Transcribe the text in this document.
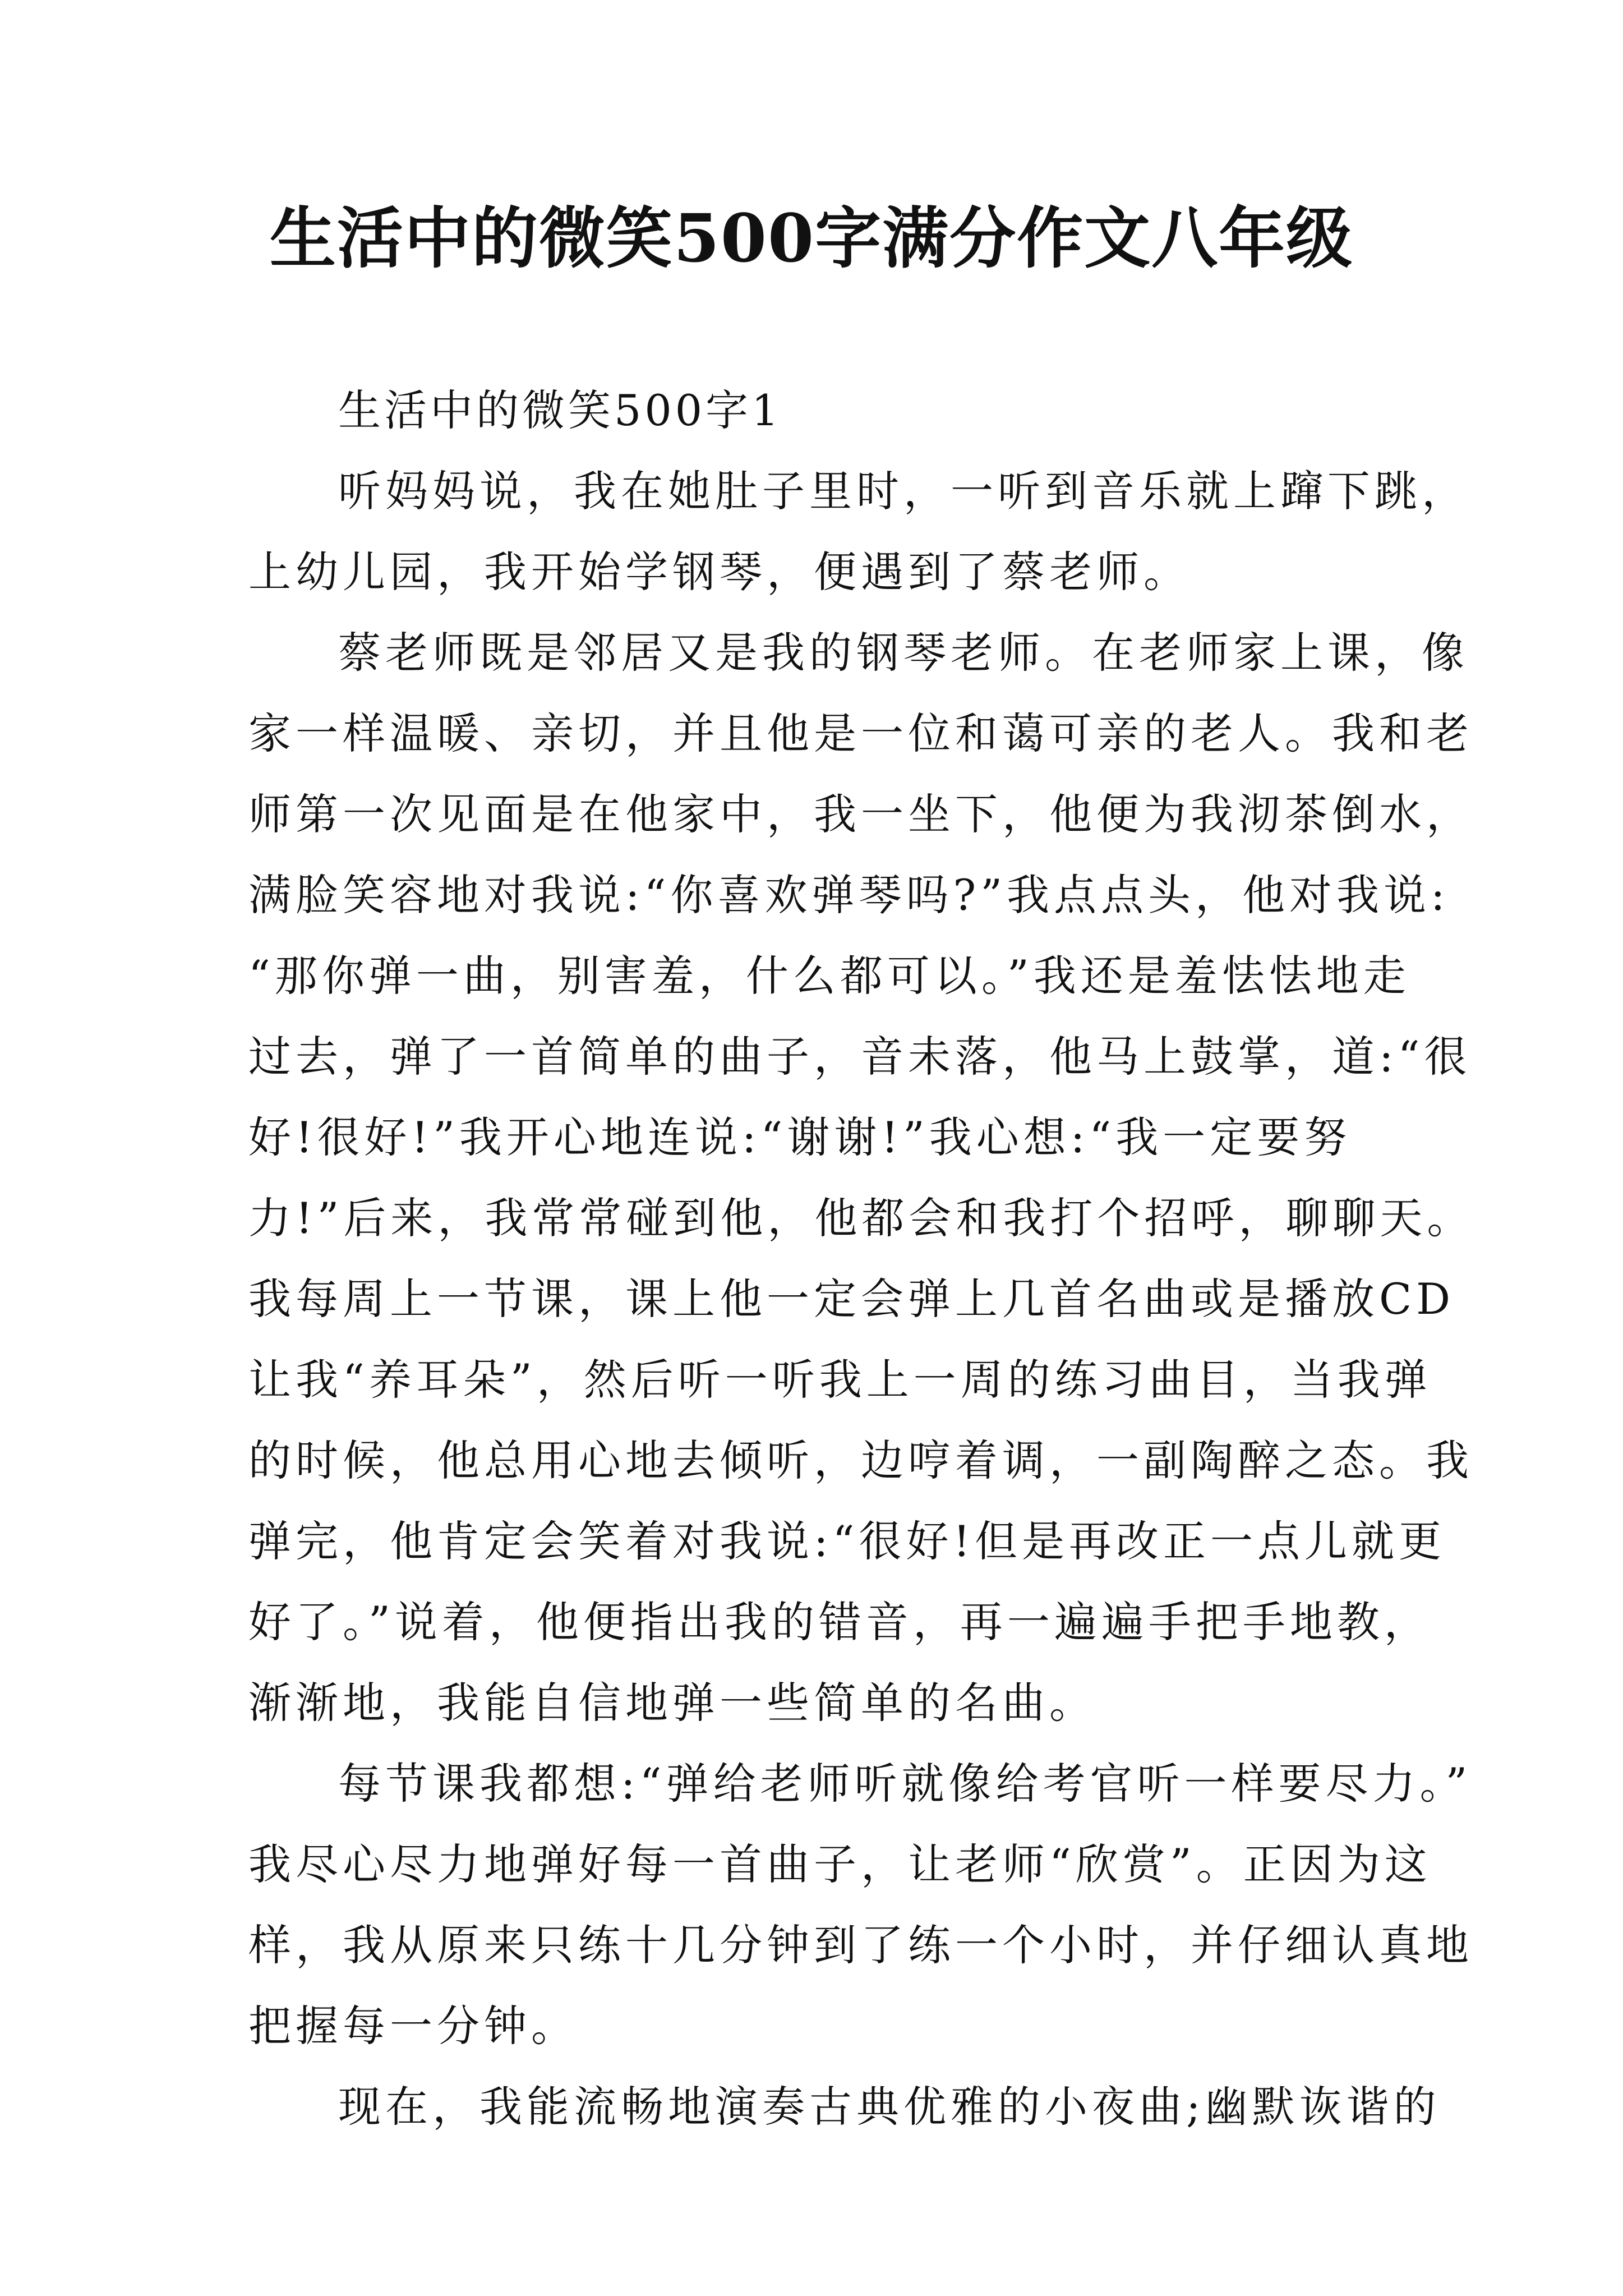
生活中的微笑500字满分作文八年级

生活中的微笑500字1

听妈妈说，我在她肚子里时，一听到音乐就上蹿下跳，

上幼儿园，我开始学钢琴，便遇到了蔡老师。

蔡老师既是邻居又是我的钢琴老师。在老师家上课，像

家一样温暖、亲切，并且他是一位和蔼可亲的老人。我和老

师第一次见面是在他家中，我一坐下，他便为我沏茶倒水，

满脸笑容地对我说:“你喜欢弹琴吗?”我点点头，他对我说:

“那你弹一曲，别害羞，什么都可以。”我还是羞怯怯地走

过去，弹了一首简单的曲子，音未落，他马上鼓掌，道:“很

好!很好!”我开心地连说:“谢谢!”我心想:“我一定要努

力!”后来，我常常碰到他，他都会和我打个招呼，聊聊天。

我每周上一节课，课上他一定会弹上几首名曲或是播放CD

让我“养耳朵”，然后听一听我上一周的练习曲目，当我弹

的时候，他总用心地去倾听，边哼着调，一副陶醉之态。我

弹完，他肯定会笑着对我说:“很好!但是再改正一点儿就更

好了。”说着，他便指出我的错音，再一遍遍手把手地教，

渐渐地，我能自信地弹一些简单的名曲。

每节课我都想:“弹给老师听就像给考官听一样要尽力。”

我尽心尽力地弹好每一首曲子，让老师“欣赏”。正因为这

样，我从原来只练十几分钟到了练一个小时，并仔细认真地

把握每一分钟。

现在，我能流畅地演奏古典优雅的小夜曲;幽默诙谐的
